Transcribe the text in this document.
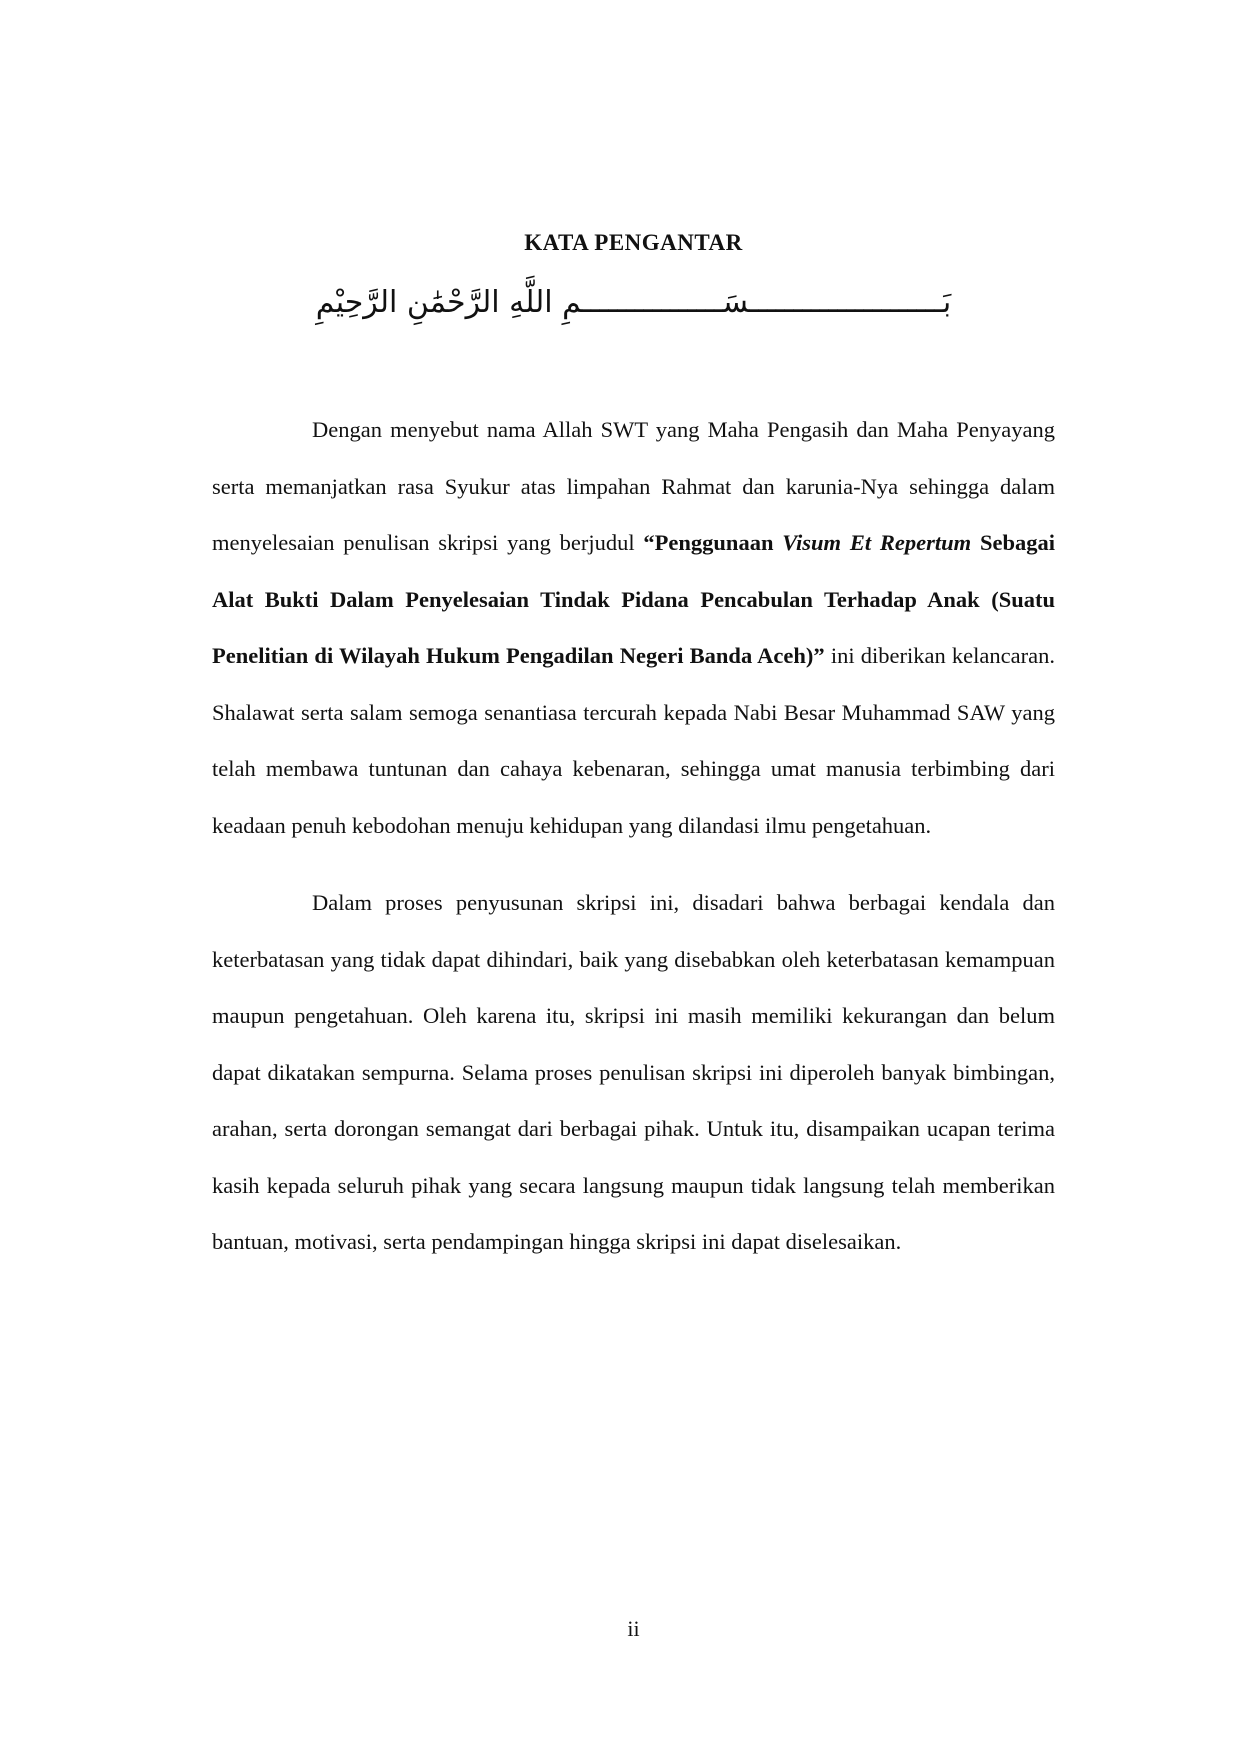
KATA PENGANTAR
بَــــــــــــــــــــــسَــــــــــــــــمِ اللَّهِ الرَّحْمَٰنِ الرَّحِيْمِ

Dengan menyebut nama Allah SWT yang Maha Pengasih dan Maha Penyayang serta memanjatkan rasa Syukur atas limpahan Rahmat dan karunia-Nya sehingga dalam menyelesaian penulisan skripsi yang berjudul “Penggunaan Visum Et Repertum Sebagai Alat Bukti Dalam Penyelesaian Tindak Pidana Pencabulan Terhadap Anak (Suatu Penelitian di Wilayah Hukum Pengadilan Negeri Banda Aceh)” ini diberikan kelancaran. Shalawat serta salam semoga senantiasa tercurah kepada Nabi Besar Muhammad SAW yang telah membawa tuntunan dan cahaya kebenaran, sehingga umat manusia terbimbing dari keadaan penuh kebodohan menuju kehidupan yang dilandasi ilmu pengetahuan.

Dalam proses penyusunan skripsi ini, disadari bahwa berbagai kendala dan keterbatasan yang tidak dapat dihindari, baik yang disebabkan oleh keterbatasan kemampuan maupun pengetahuan. Oleh karena itu, skripsi ini masih memiliki kekurangan dan belum dapat dikatakan sempurna. Selama proses penulisan skripsi ini diperoleh banyak bimbingan, arahan, serta dorongan semangat dari berbagai pihak. Untuk itu, disampaikan ucapan terima kasih kepada seluruh pihak yang secara langsung maupun tidak langsung telah memberikan bantuan, motivasi, serta pendampingan hingga skripsi ini dapat diselesaikan.

ii
